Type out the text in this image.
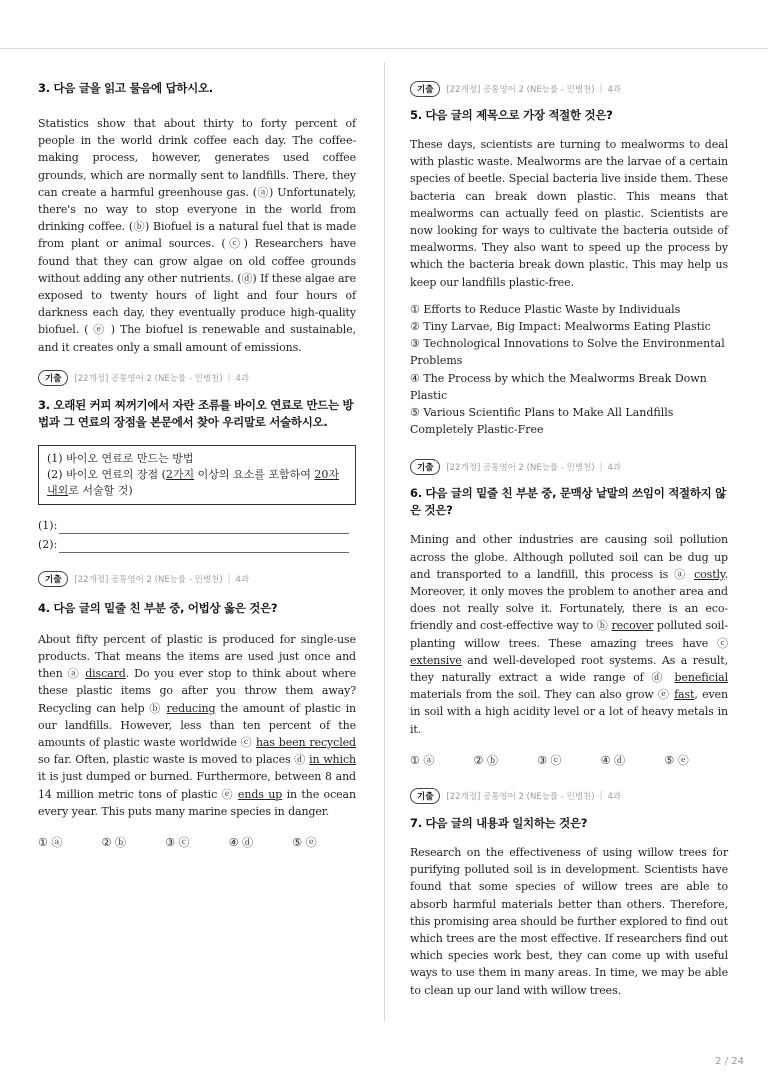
3. 다음 글을 읽고 물음에 답하시오.

Statistics show that about thirty to forty percent of people in the world drink coffee each day. The coffee-making process, however, generates used coffee grounds, which are normally sent to landfills. There, they can create a harmful greenhouse gas. (ⓐ) Unfortunately, there's no way to stop everyone in the world from drinking coffee. (ⓑ) Biofuel is a natural fuel that is made from plant or animal sources. (ⓒ) Researchers have found that they can grow algae on old coffee grounds without adding any other nutrients. (ⓓ) If these algae are exposed to twenty hours of light and four hours of darkness each day, they eventually produce high-quality biofuel. ( ⓔ ) The biofuel is renewable and sustainable, and it creates only a small amount of emissions.

기출	[22개정] 공통영어 2 (NE능률 - 민병천) | 4과

3. 오래된 커피 찌꺼기에서 자란 조류를 바이오 연료로 만드는 방법과 그 연료의 장점을 본문에서 찾아 우리말로 서술하시오.

(1) 바이오 연료로 만드는 방법
(2) 바이오 연료의 장점 (2가지 이상의 요소를 포함하여 20자 내외로 서술할 것)
(1):
(2):
기출	[22개정] 공통영어 2 (NE능률 - 민병천) | 4과

4. 다음 글의 밑줄 친 부분 중, 어법상 옳은 것은?

About fifty percent of plastic is produced for single-use products. That means the items are used just once and then ⓐ discard. Do you ever stop to think about where these plastic items go after you throw them away? Recycling can help ⓑ reducing the amount of plastic in our landfills. However, less than ten percent of the amounts of plastic waste worldwide ⓒ has been recycled so far. Often, plastic waste is moved to places ⓓ in which it is just dumped or burned. Furthermore, between 8 and 14 million metric tons of plastic ⓔ ends up in the ocean every year. This puts many marine species in danger.

① ⓐ	② ⓑ	③ ⓒ	④ ⓓ	⑤ ⓔ
기출	[22개정] 공통영어 2 (NE능률 - 민병천) | 4과

5. 다음 글의 제목으로 가장 적절한 것은?

These days, scientists are turning to mealworms to deal with plastic waste. Mealworms are the larvae of a certain species of beetle. Special bacteria live inside them. These bacteria can break down plastic. This means that mealworms can actually feed on plastic. Scientists are now looking for ways to cultivate the bacteria outside of mealworms. They also want to speed up the process by which the bacteria break down plastic. This may help us keep our landfills plastic-free.

① Efforts to Reduce Plastic Waste by Individuals

② Tiny Larvae, Big Impact: Mealworms Eating Plastic

③ Technological Innovations to Solve the Environmental Problems

④ The Process by which the Mealworms Break Down Plastic

⑤ Various Scientific Plans to Make All Landfills Completely Plastic-Free

기출	[22개정] 공통영어 2 (NE능률 - 민병천) | 4과

6. 다음 글의 밑줄 친 부분 중, 문맥상 낱말의 쓰임이 적절하지 않은 것은?

Mining and other industries are causing soil pollution across the globe. Although polluted soil can be dug up and transported to a landfill, this process is ⓐ costly. Moreover, it only moves the problem to another area and does not really solve it. Fortunately, there is an eco-friendly and cost-effective way to ⓑ recover polluted soil-planting willow trees. These amazing trees have ⓒ extensive and well-developed root systems. As a result, they naturally extract a wide range of ⓓ beneficial materials from the soil. They can also grow ⓔ fast, even in soil with a high acidity level or a lot of heavy metals in it.

① ⓐ	② ⓑ	③ ⓒ	④ ⓓ	⑤ ⓔ
기출	[22개정] 공통영어 2 (NE능률 - 민병천) | 4과

7. 다음 글의 내용과 일치하는 것은?

Research on the effectiveness of using willow trees for purifying polluted soil is in development. Scientists have found that some species of willow trees are able to absorb harmful materials better than others. Therefore, this promising area should be further explored to find out which trees are the most effective. If researchers find out which species work best, they can come up with useful ways to use them in many areas. In time, we may be able to clean up our land with willow trees.

2 / 24
